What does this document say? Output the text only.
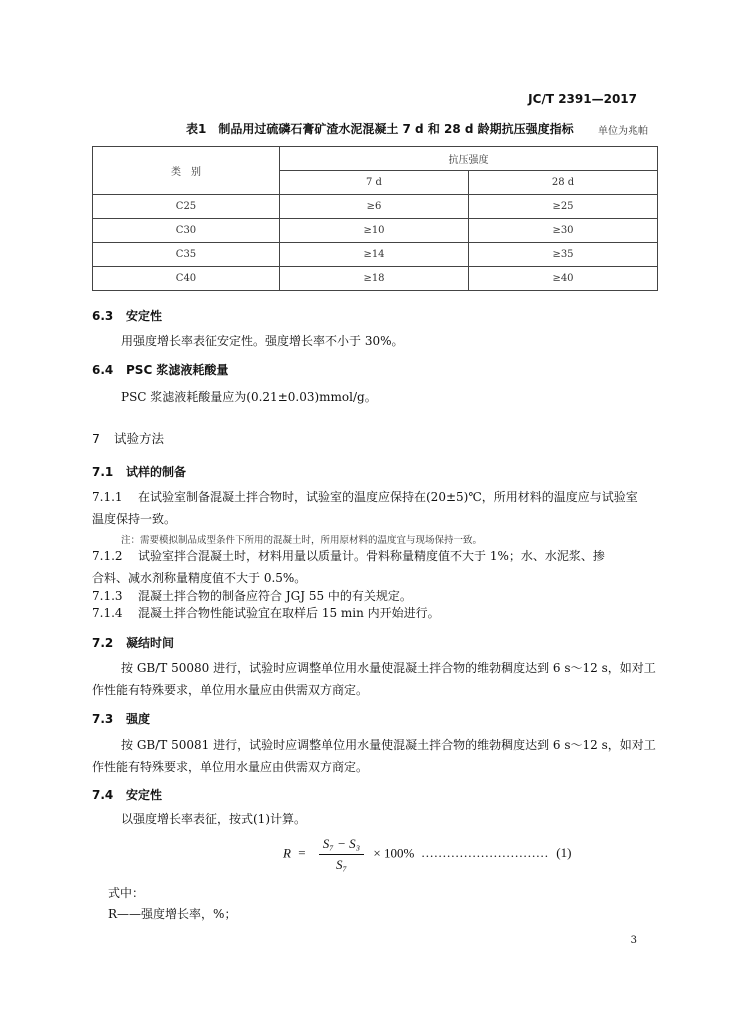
JC/T 2391—2017
表1　制品用过硫磷石膏矿渣水泥混凝土 7 d 和 28 d 龄期抗压强度指标 单位为兆帕
类　别	抗压强度	
	7 d	28 d
C25	≥6	≥25
C30	≥10	≥30
C35	≥14	≥35
C40	≥18	≥40
6.3 安定性
用强度增长率表征安定性。强度增长率不小于 30%。
6.4 PSC 浆滤液耗酸量
PSC 浆滤液耗酸量应为(0.21±0.03)mmol/g。
7 试验方法
7.1 试样的制备
7.1.1 在试验室制备混凝土拌合物时，试验室的温度应保持在(20±5)℃，所用材料的温度应与试验室
温度保持一致。
注：需要模拟制品成型条件下所用的混凝土时，所用原材料的温度宜与现场保持一致。
7.1.2 试验室拌合混凝土时，材料用量以质量计。骨料称量精度值不大于 1%；水、水泥浆、掺
合料、减水剂称量精度值不大于 0.5%。
7.1.3 混凝土拌合物的制备应符合 JGJ 55 中的有关规定。
7.1.4 混凝土拌合物性能试验宜在取样后 15 min 内开始进行。
7.2 凝结时间
按 GB/T 50080 进行，试验时应调整单位用水量使混凝土拌合物的维勃稠度达到 6 s～12 s，如对工
作性能有特殊要求，单位用水量应由供需双方商定。
7.3 强度
按 GB/T 50081 进行，试验时应调整单位用水量使混凝土拌合物的维勃稠度达到 6 s～12 s，如对工
作性能有特殊要求，单位用水量应由供需双方商定。
7.4 安定性
以强度增长率表征，按式(1)计算。
$R = \frac{\text{S₇ − S₃}}{\text{S₇}} \times 100\%$ .............................. (1)
式中：
R——强度增长率，%；
3
